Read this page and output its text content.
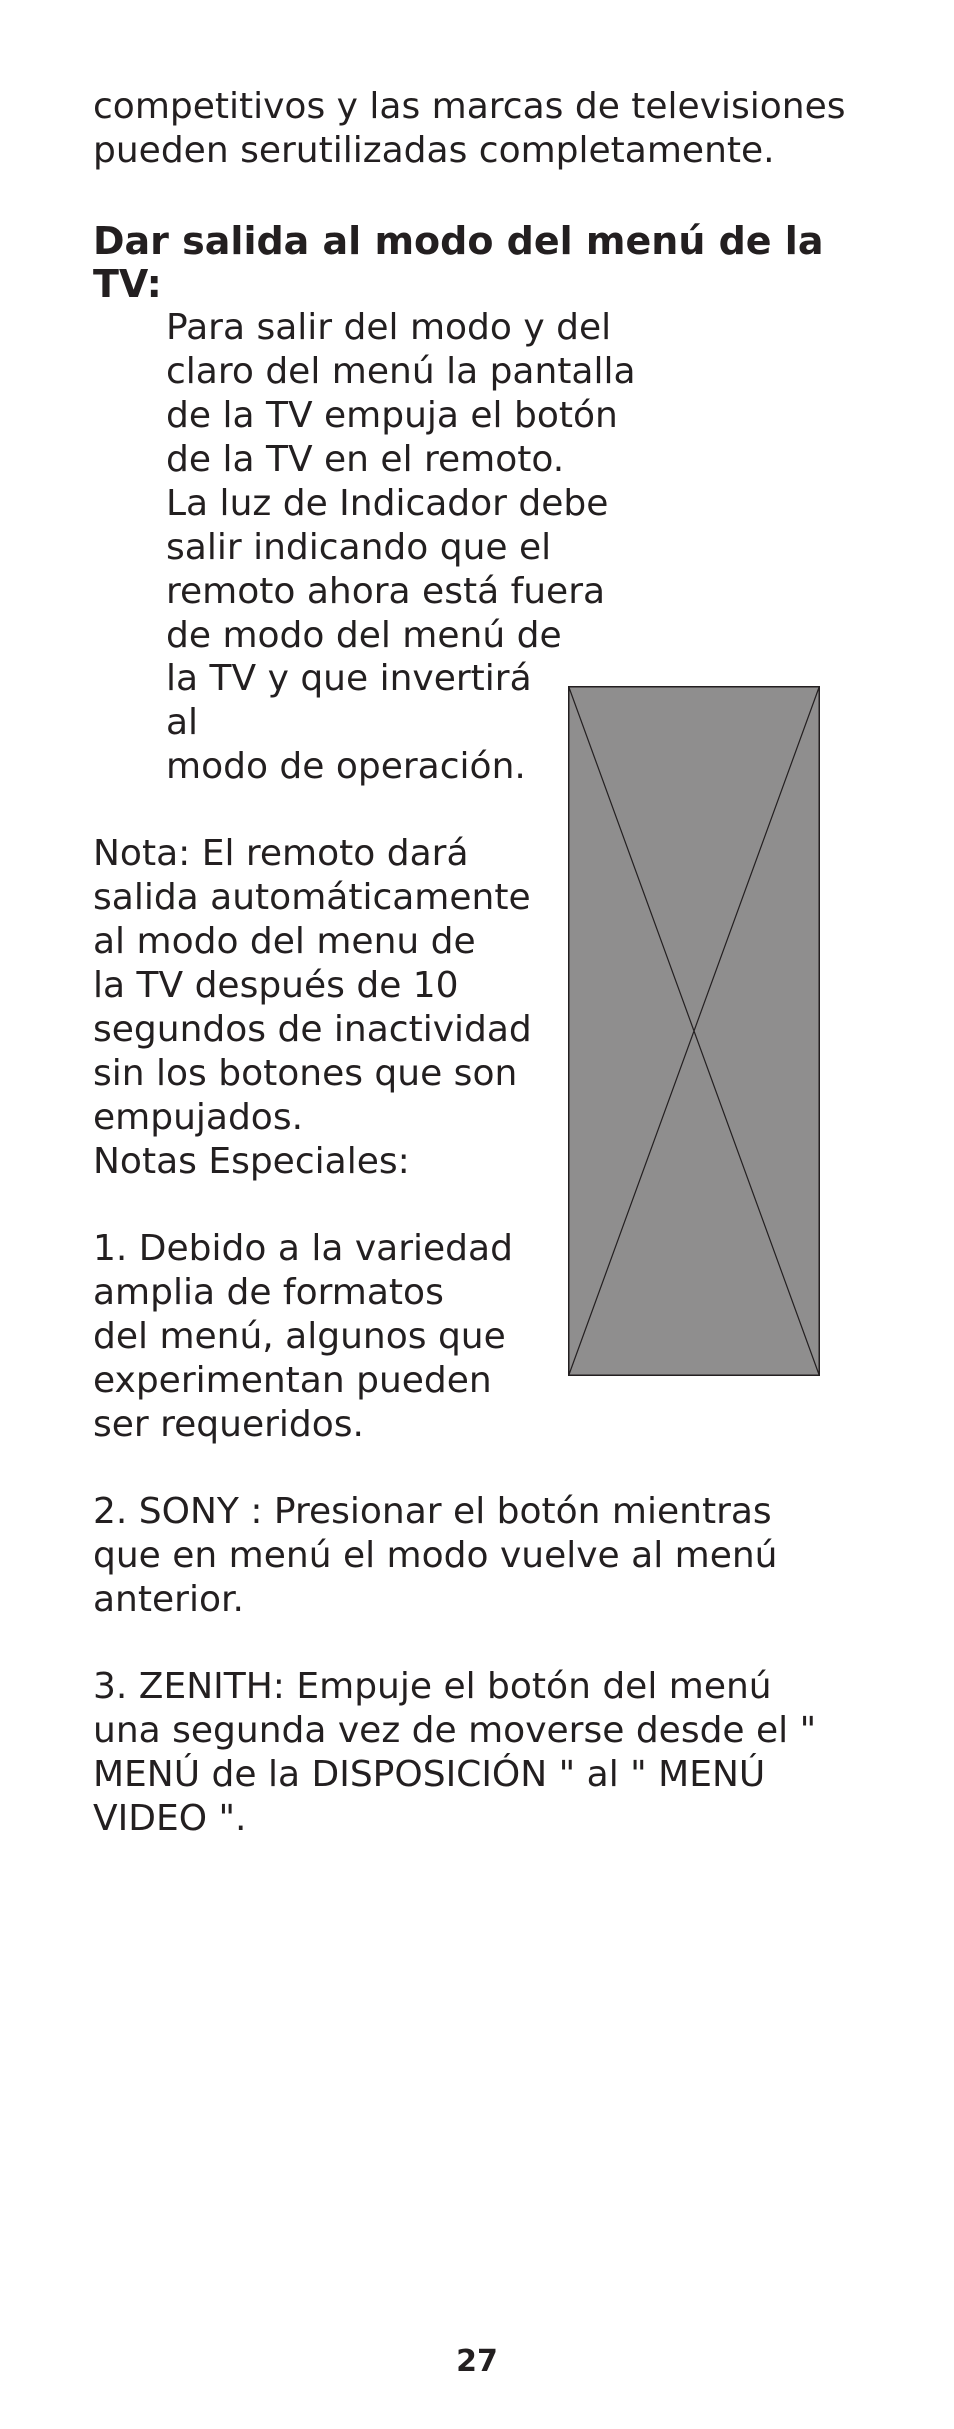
competitivos y las marcas de televisiones
pueden serutilizadas completamente.
Dar salida al modo del menú de la
TV:
Para salir del modo y del
claro del menú la pantalla
de la TV empuja el botón
de la TV en el remoto.
La luz de Indicador debe
salir indicando que el
remoto ahora está fuera
de modo del menú de
la TV y que invertirá
al
modo de operación.
Nota: El remoto dará
salida automáticamente
al modo del menu de
la TV después de 10
segundos de inactividad
sin los botones que son
empujados.
Notas Especiales:
1. Debido a la variedad
amplia de formatos
del menú, algunos que
experimentan pueden
ser requeridos.
2. SONY : Presionar el botón mientras
que en menú el modo vuelve al menú
anterior.
3. ZENITH: Empuje el botón del menú
una segunda vez de moverse desde el "
MENÚ de la DISPOSICIÓN " al " MENÚ
VIDEO ".
27
